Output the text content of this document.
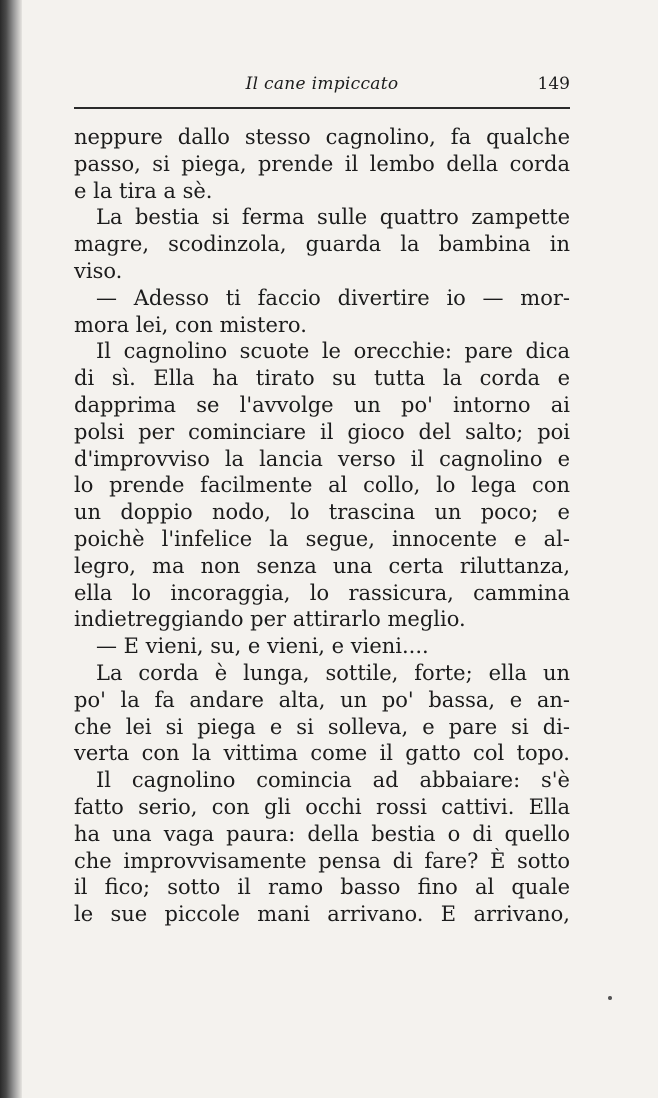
Il cane impiccato	149
neppure dallo stesso cagnolino, fa qualche
passo, si piega, prende il lembo della corda
e la tira a sè.
La bestia si ferma sulle quattro zampette
magre, scodinzola, guarda la bambina in
viso.
— Adesso ti faccio divertire io — mor-
mora lei, con mistero.
Il cagnolino scuote le orecchie: pare dica
di sì. Ella ha tirato su tutta la corda e
dapprima se l'avvolge un po' intorno ai
polsi per cominciare il gioco del salto; poi
d'improvviso la lancia verso il cagnolino e
lo prende facilmente al collo, lo lega con
un doppio nodo, lo trascina un poco; e
poichè l'infelice la segue, innocente e al-
legro, ma non senza una certa riluttanza,
ella lo incoraggia, lo rassicura, cammina
indietreggiando per attirarlo meglio.
— E vieni, su, e vieni, e vieni....
La corda è lunga, sottile, forte; ella un
po' la fa andare alta, un po' bassa, e an-
che lei si piega e si solleva, e pare si di-
verta con la vittima come il gatto col topo.
Il cagnolino comincia ad abbaiare: s'è
fatto serio, con gli occhi rossi cattivi. Ella
ha una vaga paura: della bestia o di quello
che improvvisamente pensa di fare? È sotto
il fico; sotto il ramo basso fino al quale
le sue piccole mani arrivano. E arrivano,
